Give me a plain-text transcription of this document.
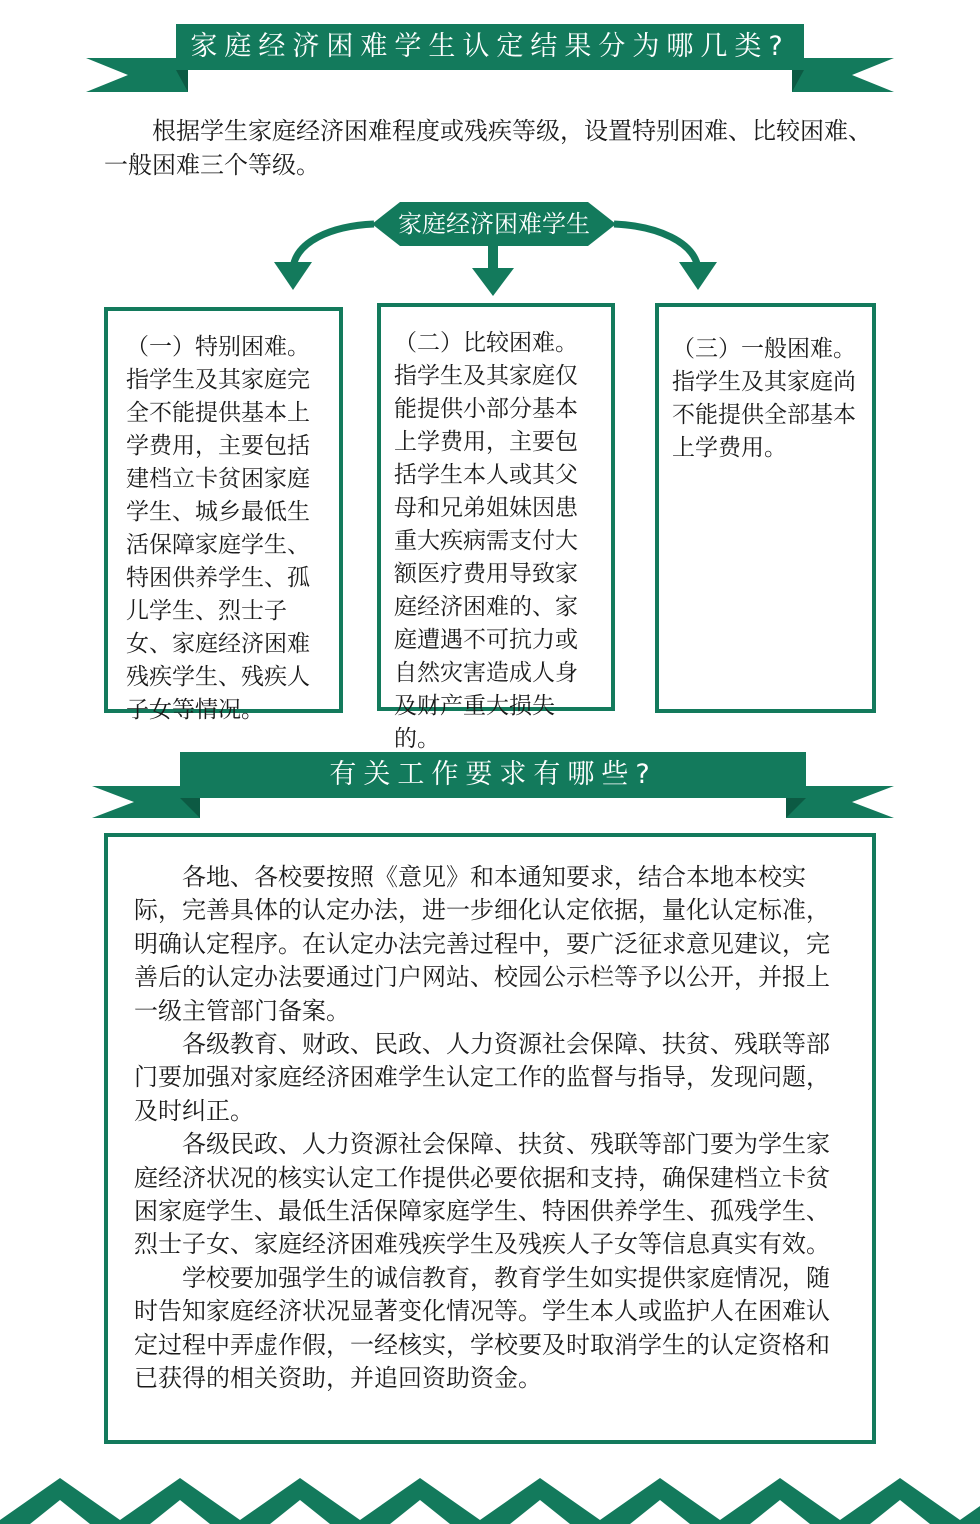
家庭经济困难学生认定结果分为哪几类?

根据学生家庭经济困难程度或残疾等级，设置特别困难、比较困难、一般困难三个等级。

家庭经济困难学生

（一）特别困难。指学生及其家庭完全不能提供基本上学费用，主要包括建档立卡贫困家庭学生、城乡最低生活保障家庭学生、特困供养学生、孤儿学生、烈士子女、家庭经济困难残疾学生、残疾人子女等情况。

（二）比较困难。指学生及其家庭仅能提供小部分基本上学费用，主要包括学生本人或其父母和兄弟姐妹因患重大疾病需支付大额医疗费用导致家庭经济困难的、家庭遭遇不可抗力或自然灾害造成人身及财产重大损失的。

（三）一般困难。指学生及其家庭尚不能提供全部基本上学费用。

有关工作要求有哪些?

各地、各校要按照《意见》和本通知要求，结合本地本校实际，完善具体的认定办法，进一步细化认定依据，量化认定标准，明确认定程序。在认定办法完善过程中，要广泛征求意见建议，完善后的认定办法要通过门户网站、校园公示栏等予以公开，并报上一级主管部门备案。

各级教育、财政、民政、人力资源社会保障、扶贫、残联等部门要加强对家庭经济困难学生认定工作的监督与指导，发现问题，及时纠正。

各级民政、人力资源社会保障、扶贫、残联等部门要为学生家庭经济状况的核实认定工作提供必要依据和支持，确保建档立卡贫困家庭学生、最低生活保障家庭学生、特困供养学生、孤残学生、烈士子女、家庭经济困难残疾学生及残疾人子女等信息真实有效。

学校要加强学生的诚信教育，教育学生如实提供家庭情况，随时告知家庭经济状况显著变化情况等。学生本人或监护人在困难认定过程中弄虚作假，一经核实，学校要及时取消学生的认定资格和已获得的相关资助，并追回资助资金。
